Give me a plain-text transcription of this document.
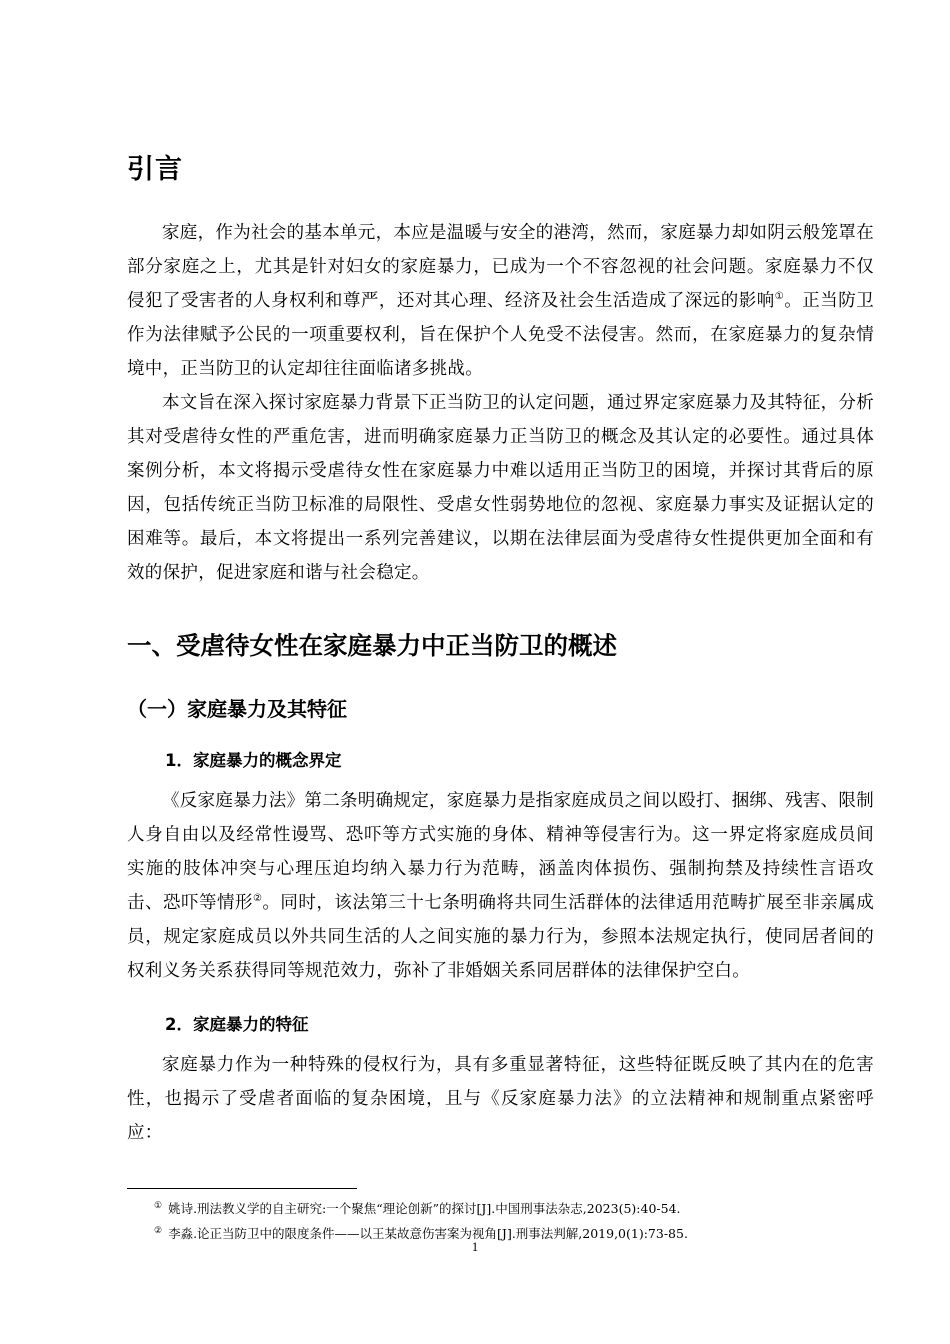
引言

家庭，作为社会的基本单元，本应是温暖与安全的港湾，然而，家庭暴力却如阴云般笼罩在部分家庭之上，尤其是针对妇女的家庭暴力，已成为一个不容忽视的社会问题。家庭暴力不仅侵犯了受害者的人身权利和尊严，还对其心理、经济及社会生活造成了深远的影响①。正当防卫作为法律赋予公民的一项重要权利，旨在保护个人免受不法侵害。然而，在家庭暴力的复杂情境中，正当防卫的认定却往往面临诸多挑战。

本文旨在深入探讨家庭暴力背景下正当防卫的认定问题，通过界定家庭暴力及其特征，分析其对受虐待女性的严重危害，进而明确家庭暴力正当防卫的概念及其认定的必要性。通过具体案例分析，本文将揭示受虐待女性在家庭暴力中难以适用正当防卫的困境，并探讨其背后的原因，包括传统正当防卫标准的局限性、受虐女性弱势地位的忽视、家庭暴力事实及证据认定的困难等。最后，本文将提出一系列完善建议，以期在法律层面为受虐待女性提供更加全面和有效的保护，促进家庭和谐与社会稳定。

一、受虐待女性在家庭暴力中正当防卫的概述
（一）家庭暴力及其特征
1．家庭暴力的概念界定

《反家庭暴力法》第二条明确规定，家庭暴力是指家庭成员之间以殴打、捆绑、残害、限制人身自由以及经常性谩骂、恐吓等方式实施的身体、精神等侵害行为。这一界定将家庭成员间实施的肢体冲突与心理压迫均纳入暴力行为范畴，涵盖肉体损伤、强制拘禁及持续性言语攻击、恐吓等情形②。同时，该法第三十七条明确将共同生活群体的法律适用范畴扩展至非亲属成员，规定家庭成员以外共同生活的人之间实施的暴力行为，参照本法规定执行，使同居者间的权利义务关系获得同等规范效力，弥补了非婚姻关系同居群体的法律保护空白。

2．家庭暴力的特征

家庭暴力作为一种特殊的侵权行为，具有多重显著特征，这些特征既反映了其内在的危害性，也揭示了受虐者面临的复杂困境，且与《反家庭暴力法》的立法精神和规制重点紧密呼应：

① 姚诗.刑法教义学的自主研究:一个聚焦“理论创新”的探讨[J].中国刑事法杂志,2023(5):40-54.
② 李淼.论正当防卫中的限度条件——以王某故意伤害案为视角[J].刑事法判解,2019,0(1):73-85.
1
